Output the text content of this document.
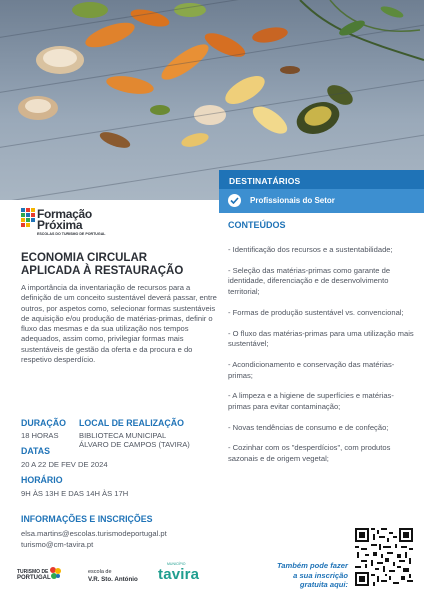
DESTINATÁRIOS
Profissionais do Setor
CONTEÚDOS
- Identificação dos recursos e a sustentabilidade;
- Seleção das matérias-primas como garante de identidade, diferenciação e de desenvolvimento territorial;
- Formas de produção sustentável vs. convencional;
- O fluxo das matérias-primas para uma utilização mais sustentável;
- Acondicionamento e conservação das matérias-primas;
- A limpeza e a higiene de superfícies e matérias-primas para evitar contaminação;
- Novas tendências de consumo e de confeção;
- Cozinhar com os "desperdícios", com produtos sazonais e de origem vegetal;
Formação
Próxima
ESCOLAS DO TURISMO DE PORTUGAL
ECONOMIA CIRCULAR
APLICADA À RESTAURAÇÃO
A importância da inventariação de recursos para a definição de um conceito sustentável deverá passar, entre outros, por aspetos como, selecionar formas sustentáveis de aquisição e/ou produção de matérias-primas, definir o fluxo das mesmas e da sua utilização nos tempos adequados, assim como, privilegiar formas mais sustentáveis de gestão da oferta e da procura e do respetivo desperdício.
DURAÇÃO
18 HORAS
LOCAL DE REALIZAÇÃO
BIBLIOTECA MUNICIPAL
ÁLVARO DE CAMPOS (TAVIRA)
DATAS
20 A 22 DE FEV DE 2024
HORÁRIO
9H ÀS 13H E DAS 14H ÀS 17H
INFORMAÇÕES E INSCRIÇÕES
elsa.martins@escolas.turismodeportugal.pt
turismo@cm-tavira.pt
TURISMO DE
PORTUGAL
escola de
V.R. Sto. António
MUNICÍPIO
tavira
Também pode fazer
a sua inscrição
gratuita aqui:
